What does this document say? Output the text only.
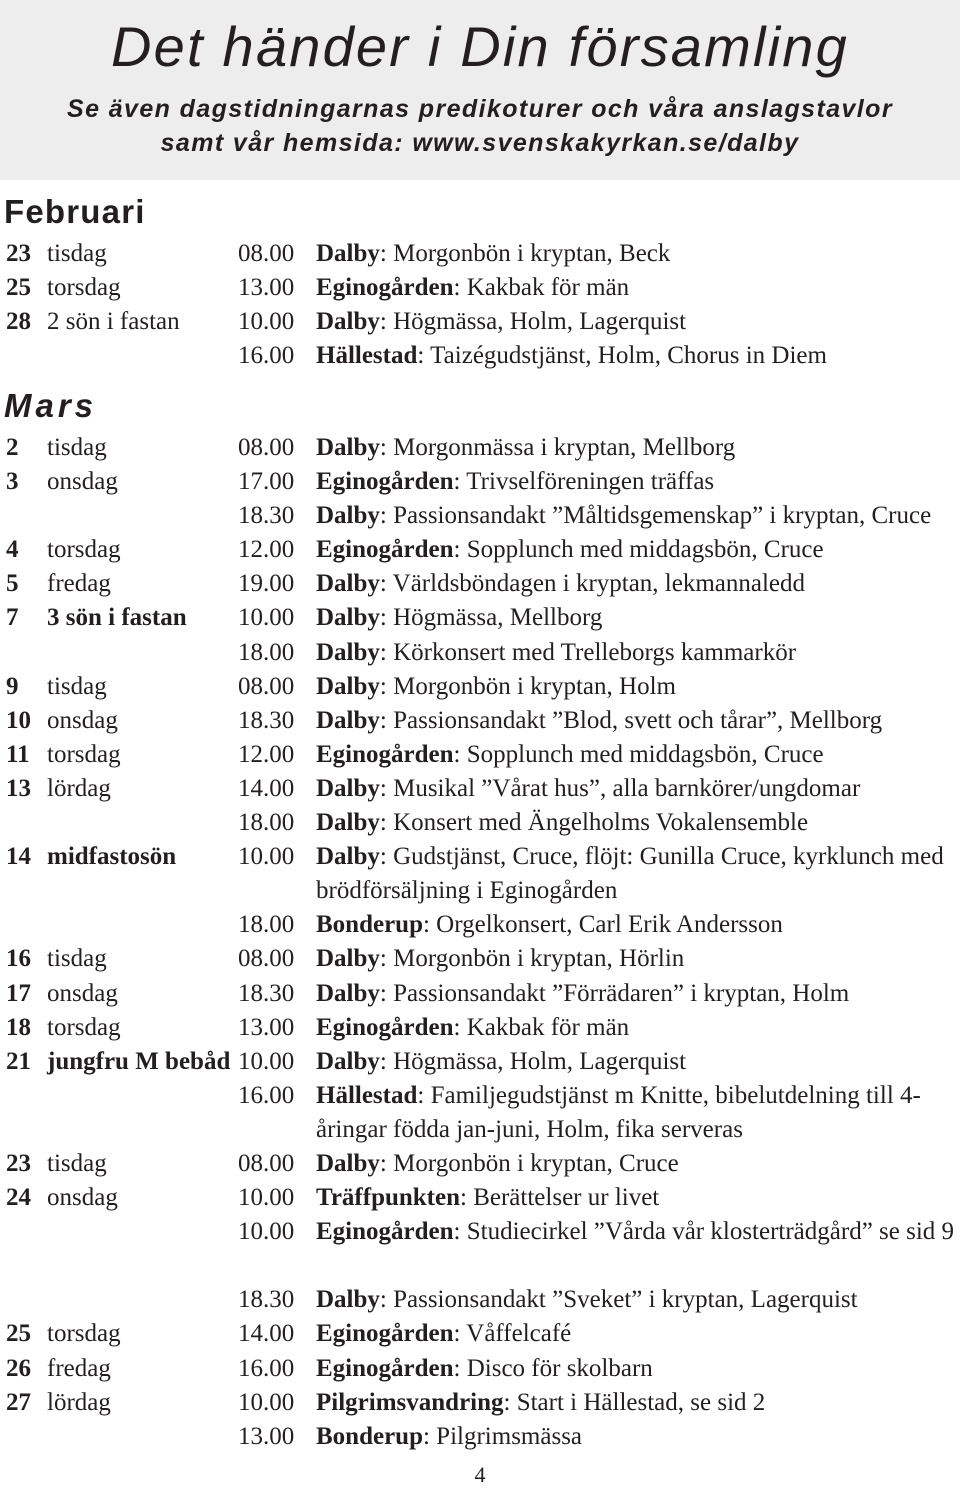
Det händer i Din församling
Se även dagstidningarnas predikoturer och våra anslagstavlor
samt vår hemsida: www.svenskakyrkan.se/dalby
Februari
23 tisdag	08.00 Dalby: Morgonbön i kryptan, Beck
25 torsdag	13.00 Eginogården: Kakbak för män
28 2 sön i fastan	10.00 Dalby: Högmässa, Holm, Lagerquist
16.00 Hällestad: Taizégudstjänst, Holm, Chorus in Diem
Mars
2	tisdag	08.00 Dalby: Morgonmässa i kryptan, Mellborg
3	onsdag	17.00 Eginogården: Trivselföreningen träffas
18.30 Dalby: Passionsandakt ”Måltidsgemenskap” i kryptan, Cruce
4	torsdag	12.00 Eginogården: Sopplunch med middagsbön, Cruce
5	fredag	19.00 Dalby: Världsböndagen i kryptan, lekmannaledd
7	3 sön i fastan	10.00 Dalby: Högmässa, Mellborg
18.00 Dalby: Körkonsert med Trelleborgs kammarkör
9	tisdag	08.00 Dalby: Morgonbön i kryptan, Holm
10 onsdag	18.30 Dalby: Passionsandakt ”Blod, svett och tårar”, Mellborg
11 torsdag	12.00 Eginogården: Sopplunch med middagsbön, Cruce
13 lördag	14.00 Dalby: Musikal ”Vårat hus”, alla barnkörer/ungdomar
18.00 Dalby: Konsert med Ängelholms Vokalensemble
14 midfastosön	10.00 Dalby: Gudstjänst, Cruce, flöjt: Gunilla Cruce, kyrklunch med brödförsäljning i Eginogården
18.00 Bonderup: Orgelkonsert, Carl Erik Andersson
16 tisdag	08.00 Dalby: Morgonbön i kryptan, Hörlin
17 onsdag	18.30 Dalby: Passionsandakt ”Förrädaren” i kryptan, Holm
18 torsdag	13.00 Eginogården: Kakbak för män
21 jungfru M bebåd 10.00 Dalby: Högmässa, Holm, Lagerquist
16.00 Hällestad: Familjegudstjänst m Knitte, bibelutdelning till 4-åringar födda jan-juni, Holm, fika serveras
23 tisdag	08.00 Dalby: Morgonbön i kryptan, Cruce
24 onsdag	10.00 Träffpunkten: Berättelser ur livet
10.00 Eginogården: Studiecirkel ”Vårda vår klosterträdgård” se sid 9
18.30 Dalby: Passionsandakt ”Sveket” i kryptan, Lagerquist
25 torsdag	14.00 Eginogården: Våffelcafé
26 fredag	16.00 Eginogården: Disco för skolbarn
27 lördag	10.00 Pilgrimsvandring: Start i Hällestad, se sid 2
13.00 Bonderup: Pilgrimsmässa
4
